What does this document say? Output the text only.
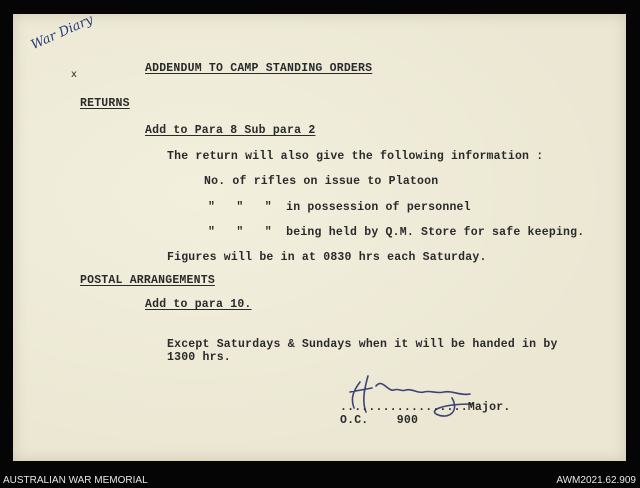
War Diary
x	ADDENDUM TO CAMP STANDING ORDERS
RETURNS
Add to Para 8 Sub para 2
The return will also give the following information :
No. of rifles on issue to Platoon
"   "   "  in possession of personnel
"   "   "  being held by Q.M. Store for safe keeping.
Figures will be in at 0830 hrs each Saturday.
POSTAL ARRANGEMENTS
Add to para 10.
Except Saturdays & Sundays when it will be handed in by
1300 hrs.
..................Major.
O.C.    900
AUSTRALIAN WAR MEMORIAL	AWM2021.62.909
